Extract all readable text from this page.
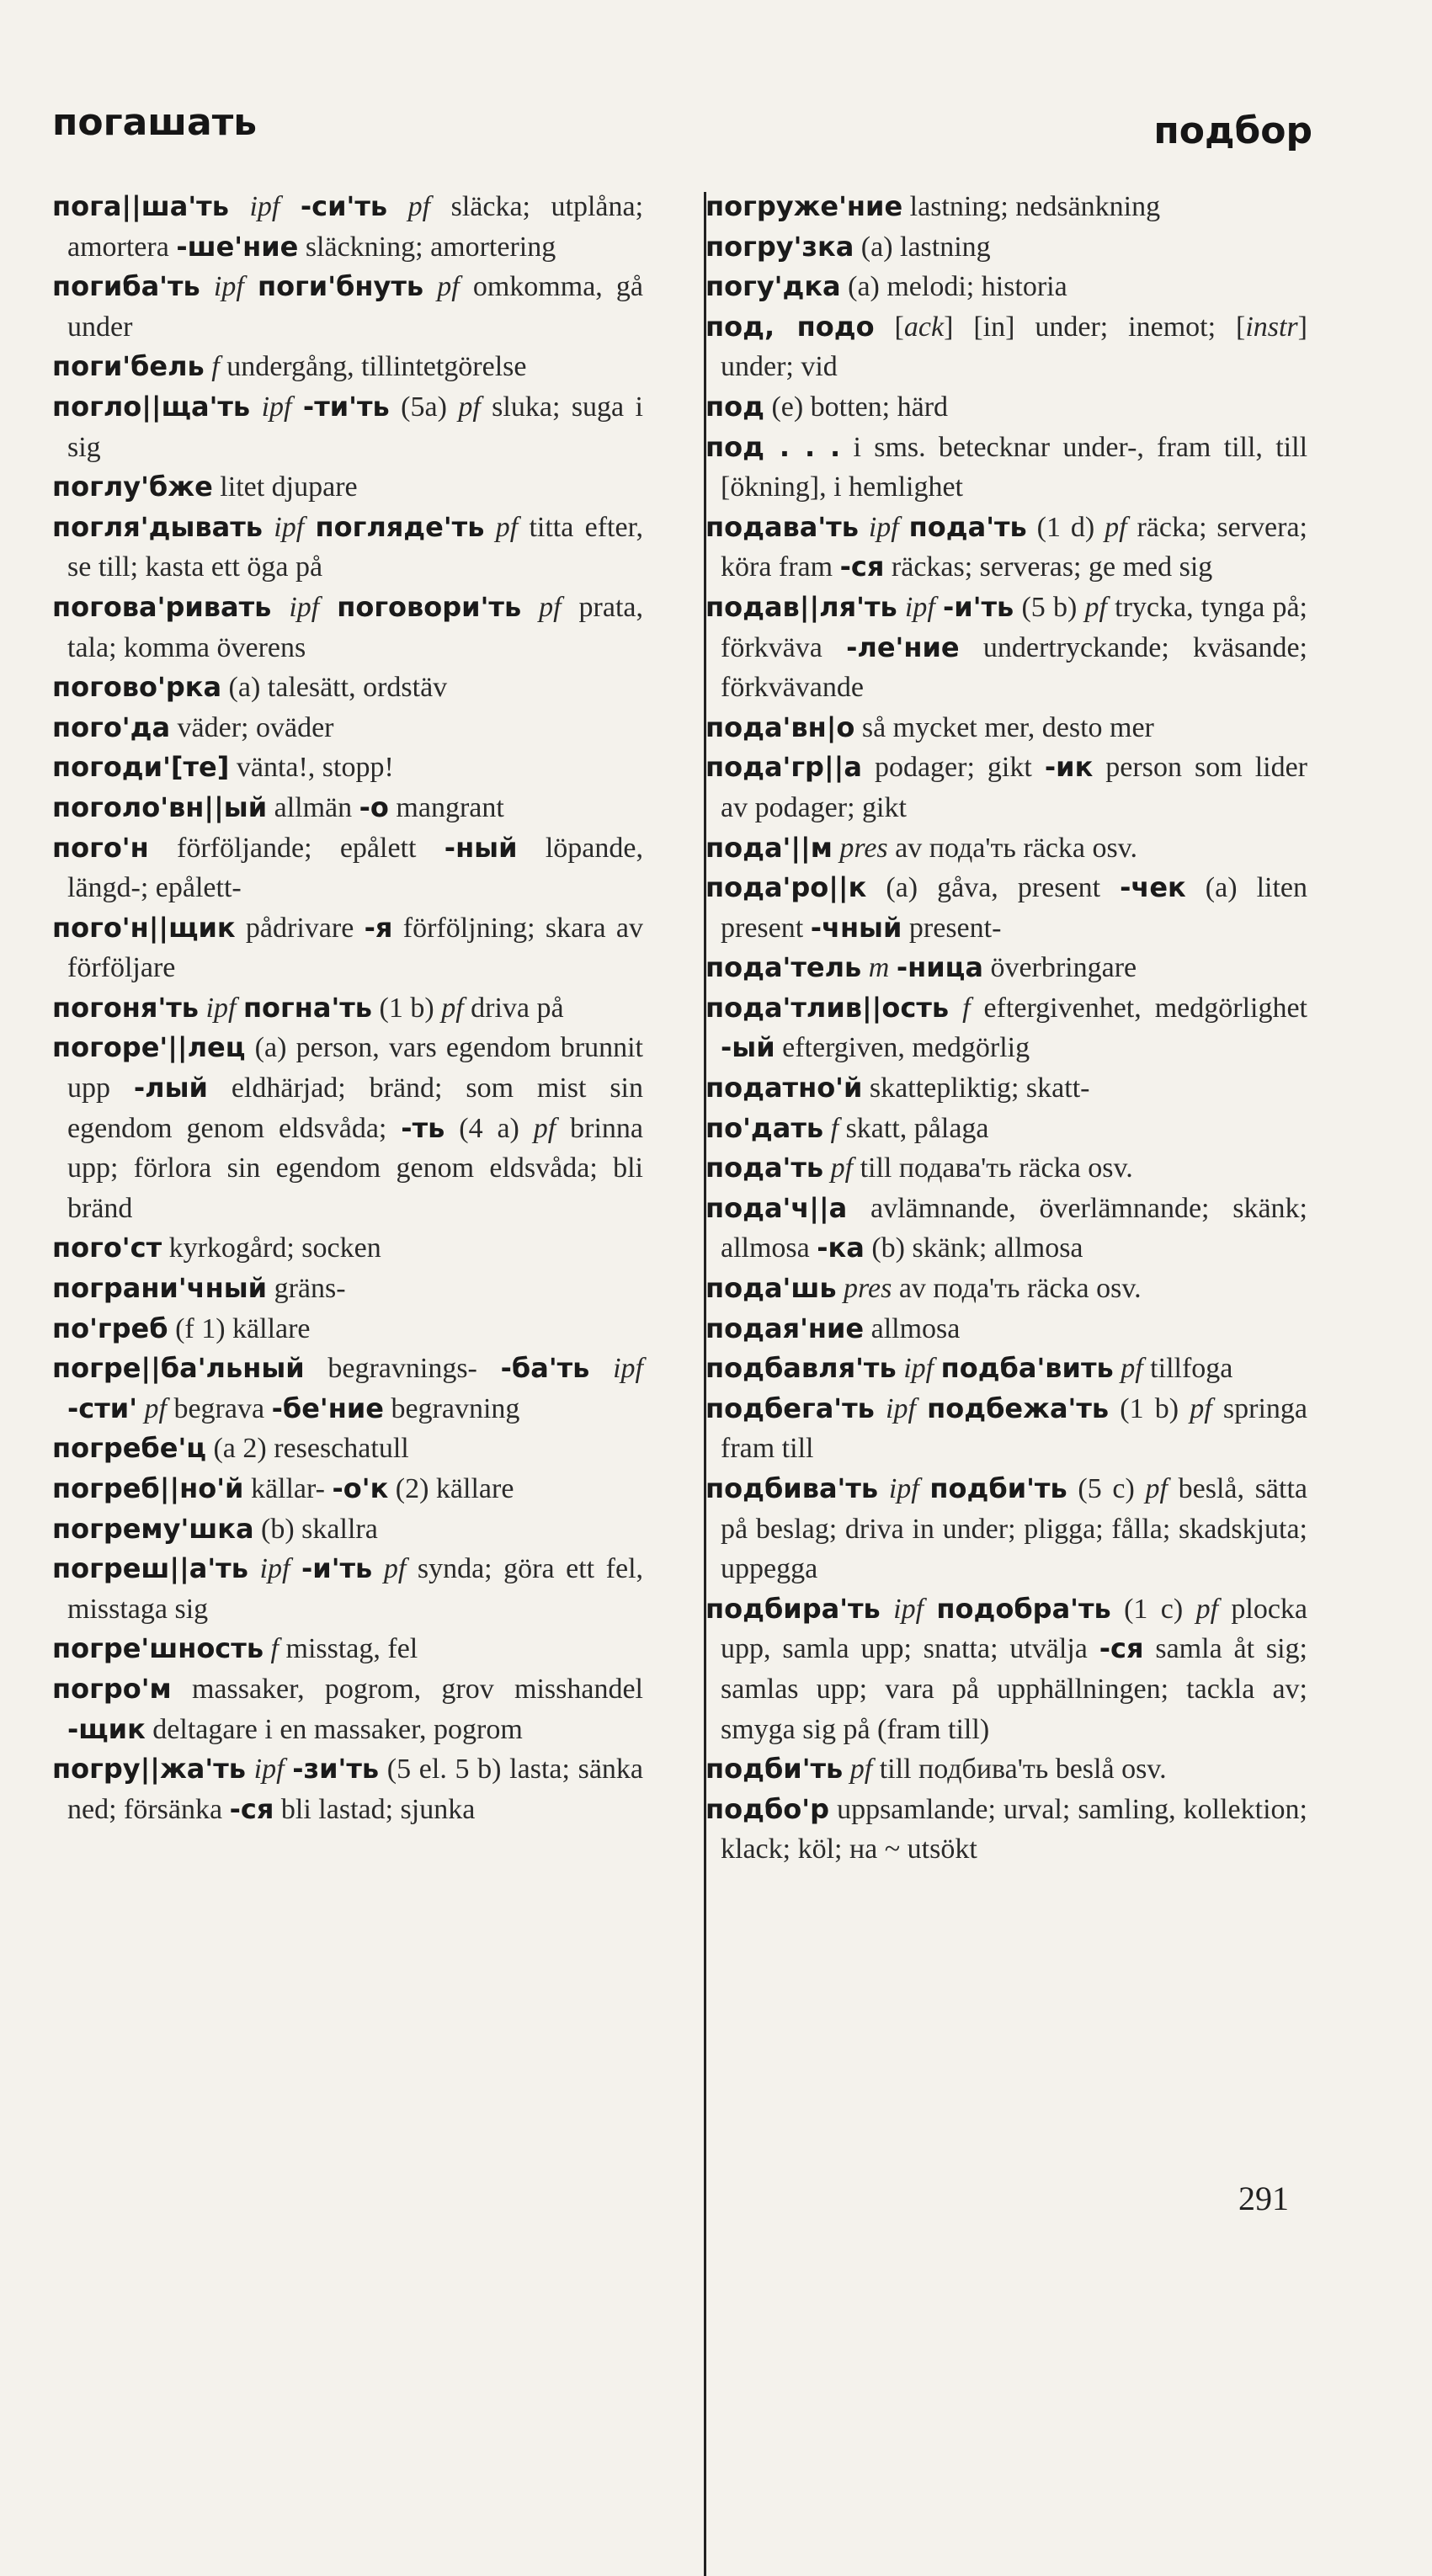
погашать	подбор

пога||ша'ть ipf -си'ть pf släcka; utplåna; amortera -ше'ние släckning; amortering

погиба'ть ipf поги'бнуть pf omkomma, gå under

поги'бель f undergång, tillintetgörelse

погло||ща'ть ipf -ти'ть (5a) pf sluka; suga i sig

поглу'бже litet djupare

погля'дывать ipf погляде'ть pf titta efter, se till; kasta ett öga på

погова'ривать ipf поговори'ть pf prata, tala; komma överens

погово'рка (a) talesätt, ordstäv

пого'да väder; oväder

погоди'[те] vänta!, stopp!

поголо'вн||ый allmän -о mangrant

пого'н förföljande; epålett -ный löpande, längd-; epålett-

пого'н||щик pådrivare -я förföljning; skara av förföljare

погоня'ть ipf погна'ть (1 b) pf driva på

погоре'||лец (a) person, vars egendom brunnit upp -лый eldhärjad; bränd; som mist sin egendom genom eldsvåda; -ть (4 a) pf brinna upp; förlora sin egendom genom eldsvåda; bli bränd

пого'ст kyrkogård; socken

пограни'чный gräns-

по'греб (f 1) källare

погре||ба'льный begravnings- -ба'ть ipf -сти' pf begrava -бе'ние begravning

погребе'ц (a 2) reseschatull

погреб||но'й källar- -о'к (2) källare

погрему'шка (b) skallra

погреш||а'ть ipf -и'ть pf synda; göra ett fel, misstaga sig

погре'шность f misstag, fel

погро'м massaker, pogrom, grov misshandel -щик deltagare i en massaker, pogrom

погру||жа'ть ipf -зи'ть (5 el. 5 b) lasta; sänka ned; försänka -ся bli lastad; sjunka

погруже'ние lastning; nedsänkning

погру'зка (a) lastning

погу'дка (a) melodi; historia

под, подо [ack] [in] under; inemot; [instr] under; vid

под (e) botten; härd

под . . . i sms. betecknar under-, fram till, till [ökning], i hemlighet

подава'ть ipf пода'ть (1 d) pf räcka; servera; köra fram -ся räckas; serveras; ge med sig

подав||ля'ть ipf -и'ть (5 b) pf trycka, tynga på; förkväva -ле'ние undertryckande; kväsande; förkvävande

пода'вн|о så mycket mer, desto mer

пода'гр||а podager; gikt -ик person som lider av podager; gikt

пода'||м pres av пода'ть räcka osv.

пода'ро||к (a) gåva, present -чек (a) liten present -чный present-

пода'тель m -ница överbringare

пода'тлив||ость f eftergivenhet, medgörlighet -ый eftergiven, medgörlig

податно'й skattepliktig; skatt-

по'дать f skatt, pålaga

пода'ть pf till подава'ть räcka osv.

пода'ч||а avlämnande, överlämnande; skänk; allmosa -ка (b) skänk; allmosa

пода'шь pres av пода'ть räcka osv.

подая'ние allmosa

подбавля'ть ipf подба'вить pf tillfoga

подбега'ть ipf подбежа'ть (1 b) pf springa fram till

подбива'ть ipf подби'ть (5 c) pf beslå, sätta på beslag; driva in under; pligga; fålla; skadskjuta; uppegga

подбира'ть ipf подобра'ть (1 c) pf plocka upp, samla upp; snatta; utvälja -ся samla åt sig; samlas upp; vara på upphällningen; tackla av; smyga sig på (fram till)

подби'ть pf till подбива'ть beslå osv.

подбо'р uppsamlande; urval; samling, kollektion; klack; köl; на ~ utsökt

291
